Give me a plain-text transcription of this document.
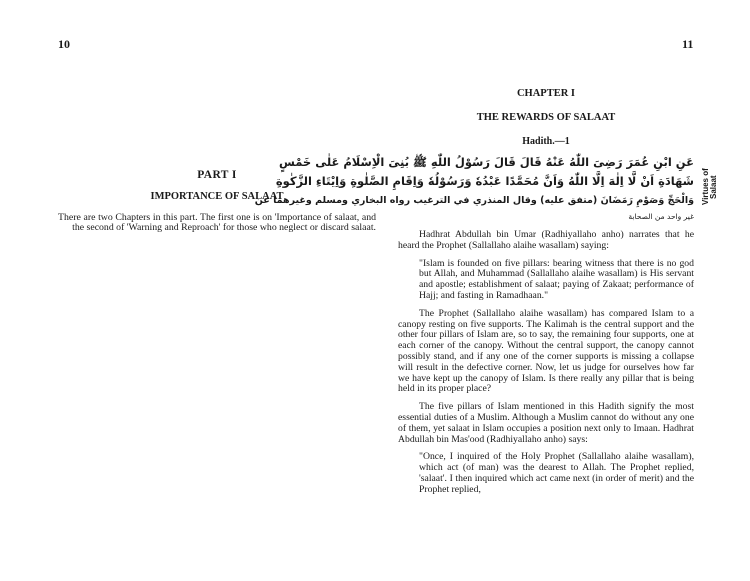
10	11
PART I
IMPORTANCE OF SALAAT

There are two Chapters in this part. The first one is on 'Importance of salaat, and the second of 'Warning and Reproach' for those who neglect or discard salaat.

CHAPTER I
THE REWARDS OF SALAAT
Hadith.—1
عَنِ ابْنِ عُمَرَ رَضِىَ اللّٰهُ عَنْهُ قَالَ قَالَ رَسُوْلُ اللّٰهِ ﷺ بُنِىَ الْاِسْلَامُ عَلٰى خَمْسٍ
شَهَادَةِ اَنْ لَّا اِلٰهَ اِلَّا اللّٰهُ وَاَنَّ مُحَمَّدًا عَبْدُهٗ وَرَسُوْلُهٗ وَاِقَامِ الصَّلٰوةِ وَاِيْتَاءِ الزَّكٰوةِ
وَالْحَجِّ وَصَوْمِ رَمَضَانَ (متفق عليه) وقال المنذري في الترغيب رواه البخاري ومسلم وغيرهما عن
غير واحد من الصحابة
Virtues of Salaat

Hadhrat Abdullah bin Umar (Radhiyallaho anho) narrates that he heard the Prophet (Sallallaho alaihe wasallam) saying:

"Islam is founded on five pillars: bearing witness that there is no god but Allah, and Muhammad (Sallallaho alaihe wasallam) is His servant and apostle; establishment of salaat; paying of Zakaat; performance of Hajj; and fasting in Ramadhaan."

The Prophet (Sallallaho alaihe wasallam) has compared Islam to a canopy resting on five supports. The Kalimah is the central support and the other four pillars of Islam are, so to say, the remaining four supports, one at each corner of the canopy. Without the central support, the canopy cannot possibly stand, and if any one of the corner supports is missing a collapse will result in the defective corner. Now, let us judge for ourselves how far we have kept up the canopy of Islam. Is there really any pillar that is being held in its proper place?

The five pillars of Islam mentioned in this Hadith signify the most essential duties of a Muslim. Although a Muslim cannot do without any one of them, yet salaat in Islam occupies a position next only to Imaan. Hadhrat Abdullah bin Mas'ood (Radhiyallaho anho) says:

"Once, I inquired of the Holy Prophet (Sallallaho alaihe wasallam), which act (of man) was the dearest to Allah. The Prophet replied, 'salaat'. I then inquired which act came next (in order of merit) and the Prophet replied,
